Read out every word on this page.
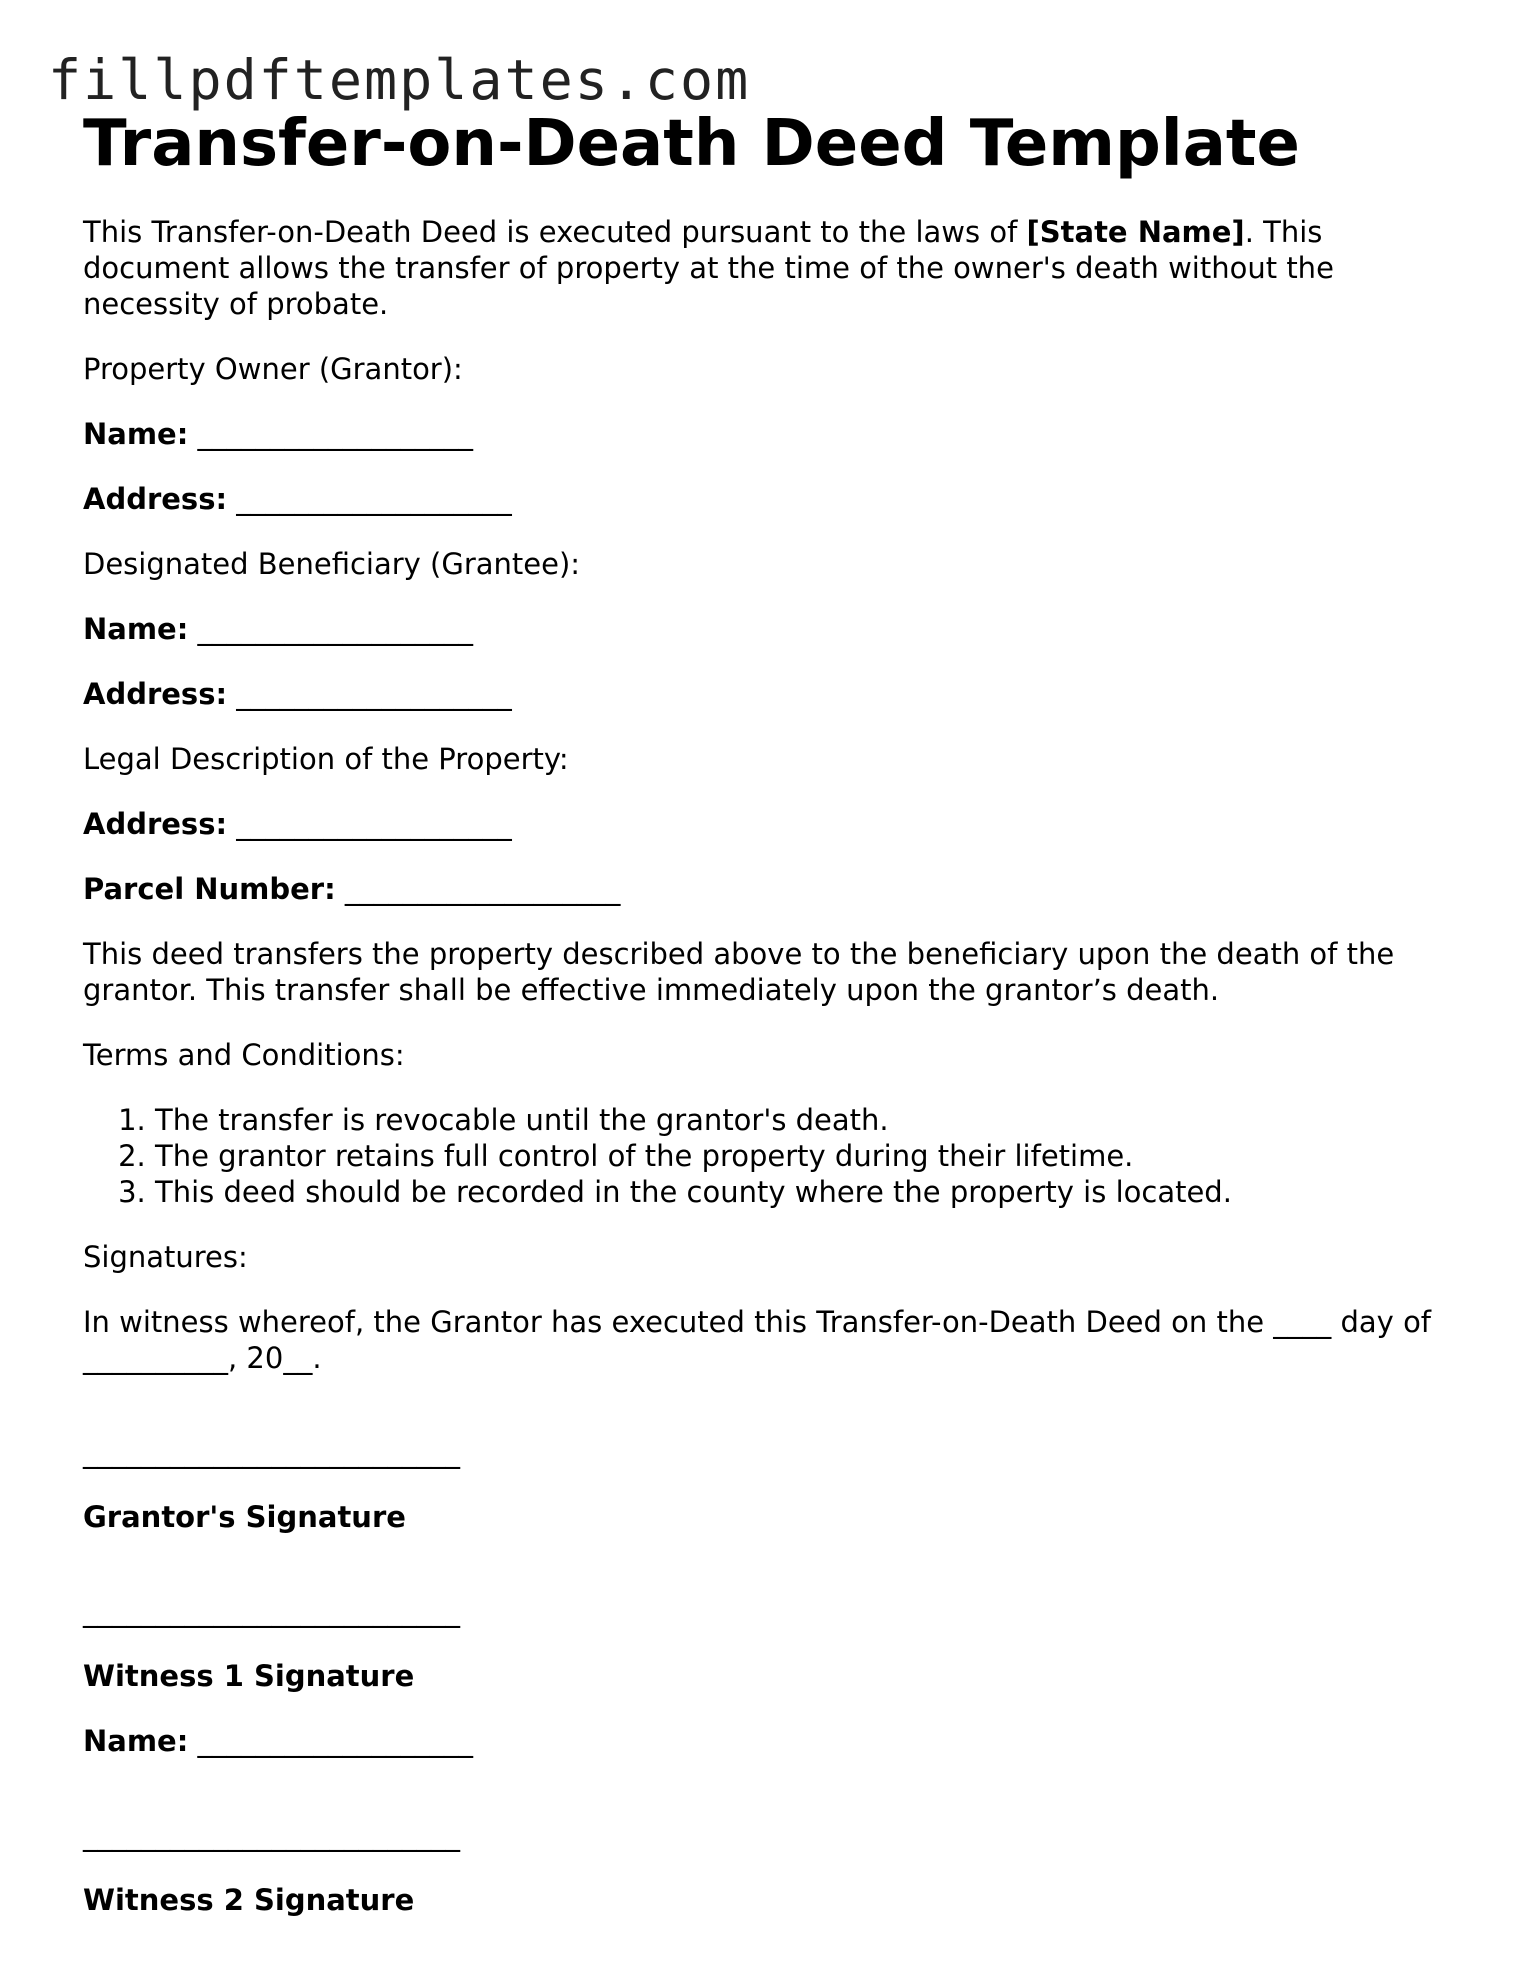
fillpdftemplates.com
Transfer-on-Death Deed Template

This Transfer-on-Death Deed is executed pursuant to the laws of [State Name]. This document allows the transfer of property at the time of the owner's death without the necessity of probate.

Property Owner (Grantor):

Name: ___________________

Address: ___________________

Designated Beneficiary (Grantee):

Name: ___________________

Address: ___________________

Legal Description of the Property:

Address: ___________________

Parcel Number: ___________________

This deed transfers the property described above to the beneficiary upon the death of the grantor. This transfer shall be effective immediately upon the grantor’s death.

Terms and Conditions:

1. The transfer is revocable until the grantor's death.
2. The grantor retains full control of the property during their lifetime.
3. This deed should be recorded in the county where the property is located.

Signatures:

In witness whereof, the Grantor has executed this Transfer-on-Death Deed on the ____ day of __________, 20__.

__________________________

Grantor's Signature

__________________________

Witness 1 Signature

Name: ___________________

__________________________

Witness 2 Signature
